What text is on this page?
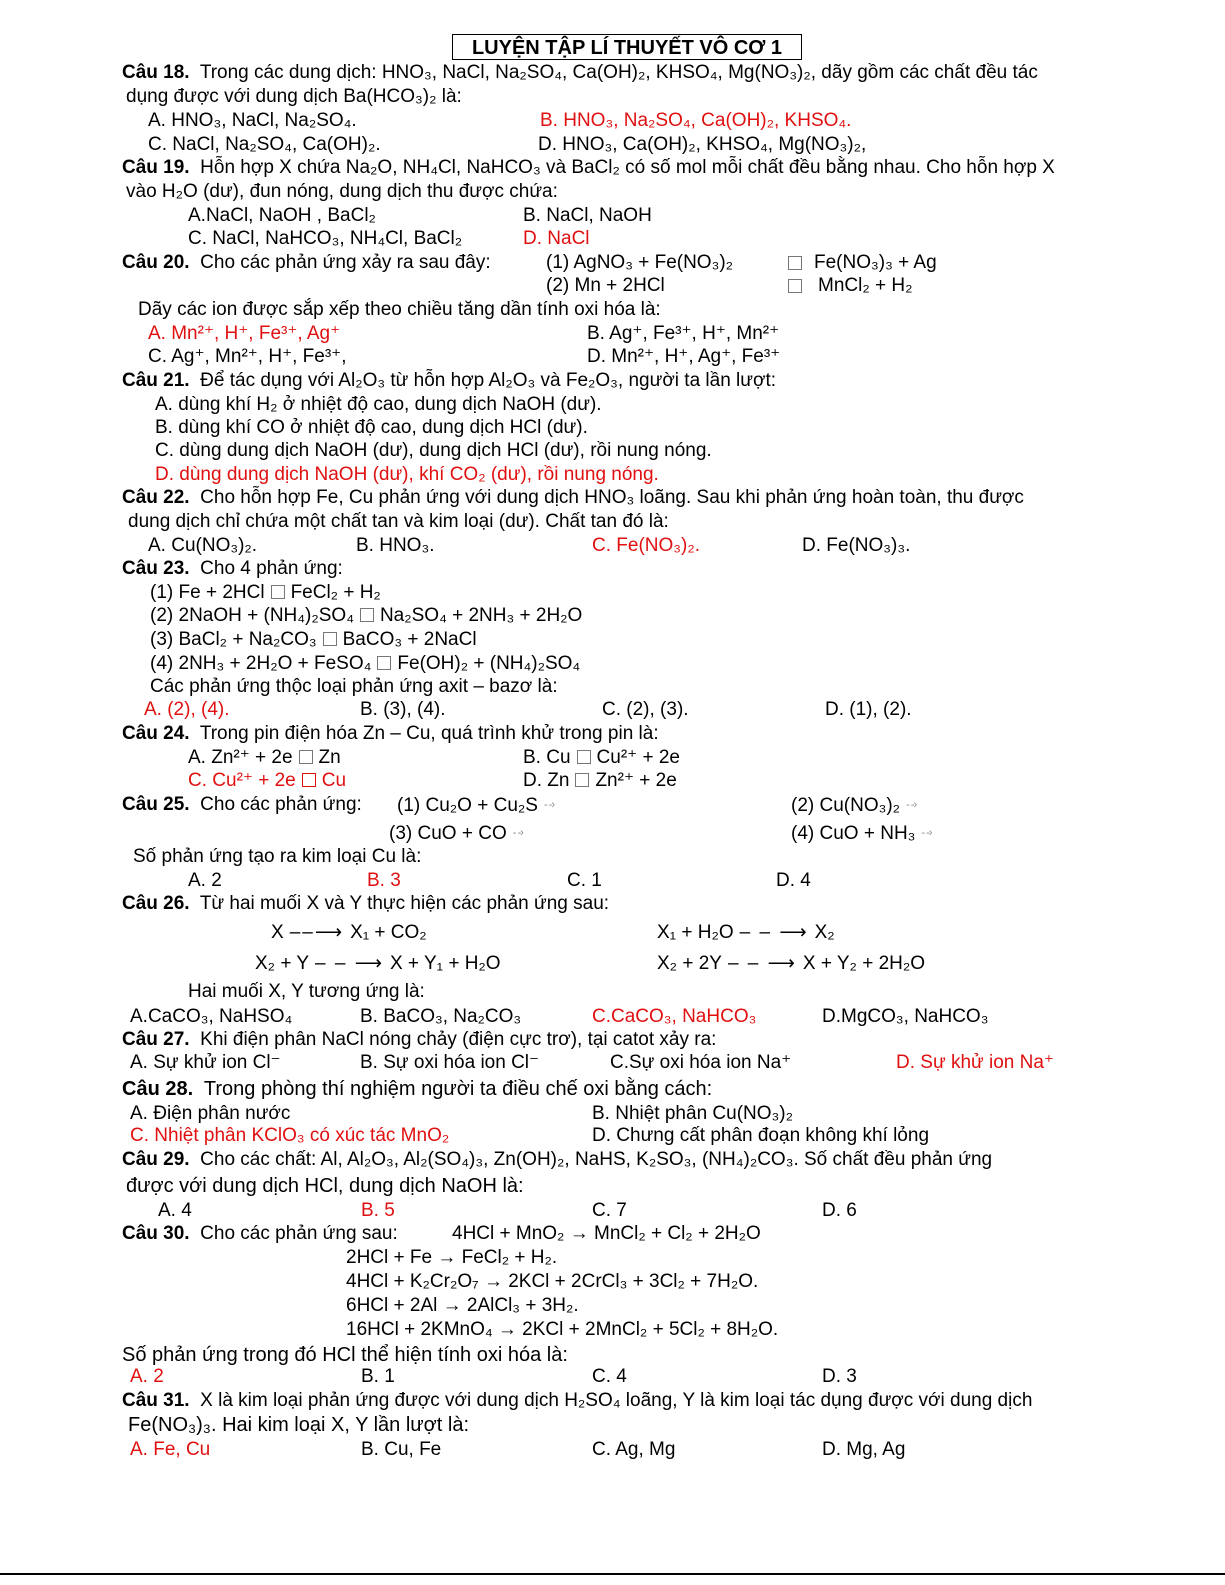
LUYỆN TẬP LÍ THUYẾT VÔ CƠ 1
Câu 18. Trong các dung dịch: HNO₃, NaCl, Na₂SO₄, Ca(OH)₂, KHSO₄, Mg(NO₃)₂, dãy gồm các chất đều tác
dụng được với dung dịch Ba(HCO₃)₂ là:
A. HNO₃, NaCl, Na₂SO₄.	B. HNO₃, Na₂SO₄, Ca(OH)₂, KHSO₄.
C. NaCl, Na₂SO₄, Ca(OH)₂.	D. HNO₃, Ca(OH)₂, KHSO₄, Mg(NO₃)₂,
Câu 19. Hỗn hợp X chứa Na₂O, NH₄Cl, NaHCO₃ và BaCl₂ có số mol mỗi chất đều bằng nhau. Cho hỗn hợp X
vào H₂O (dư), đun nóng, dung dịch thu được chứa:
A.NaCl, NaOH , BaCl₂	B. NaCl, NaOH
C. NaCl, NaHCO₃, NH₄Cl, BaCl₂	D. NaCl
Câu 20. Cho các phản ứng xảy ra sau đây:	(1) AgNO₃ + Fe(NO₃)₂	Fe(NO₃)₃ + Ag
(2) Mn + 2HCl	MnCl₂ + H₂
Dãy các ion được sắp xếp theo chiều tăng dần tính oxi hóa là:
A. Mn²⁺, H⁺, Fe³⁺, Ag⁺	B. Ag⁺, Fe³⁺, H⁺, Mn²⁺
C. Ag⁺, Mn²⁺, H⁺, Fe³⁺,	D. Mn²⁺, H⁺, Ag⁺, Fe³⁺
Câu 21. Để tác dụng với Al₂O₃ từ hỗn hợp Al₂O₃ và Fe₂O₃, người ta lần lượt:
A. dùng khí H₂ ở nhiệt độ cao, dung dịch NaOH (dư).
B. dùng khí CO ở nhiệt độ cao, dung dịch HCl (dư).
C. dùng dung dịch NaOH (dư), dung dịch HCl (dư), rồi nung nóng.
D. dùng dung dịch NaOH (dư), khí CO₂ (dư), rồi nung nóng.
Câu 22. Cho hỗn hợp Fe, Cu phản ứng với dung dịch HNO₃ loãng. Sau khi phản ứng hoàn toàn, thu được
dung dịch chỉ chứa một chất tan và kim loại (dư). Chất tan đó là:
A. Cu(NO₃)₂.	B. HNO₃.	C. Fe(NO₃)₂.	D. Fe(NO₃)₃.
Câu 23. Cho 4 phản ứng:
(1) Fe + 2HCl FeCl₂ + H₂
(2) 2NaOH + (NH₄)₂SO₄ Na₂SO₄ + 2NH₃ + 2H₂O
(3) BaCl₂ + Na₂CO₃ BaCO₃ + 2NaCl
(4) 2NH₃ + 2H₂O + FeSO₄ Fe(OH)₂ + (NH₄)₂SO₄
Các phản ứng thộc loại phản ứng axit – bazơ là:
A. (2), (4).	B. (3), (4).	C. (2), (3).	D. (1), (2).
Câu 24. Trong pin điện hóa Zn – Cu, quá trình khử trong pin là:
A. Zn²⁺ + 2e Zn	B. Cu Cu²⁺ + 2e
C. Cu²⁺ + 2e Cu	D. Zn Zn²⁺ + 2e
Câu 25. Cho các phản ứng: (1) Cu₂O + Cu₂S - -›	(2) Cu(NO₃)₂ - -›
(3) CuO + CO - -›	(4) CuO + NH₃ - -›
Số phản ứng tạo ra kim loại Cu là:
A. 2	B. 3	C. 1	D. 4
Câu 26. Từ hai muối X và Y thực hiện các phản ứng sau:
X ––⟶ X₁ + CO₂	X₁ + H₂O – – ⟶ X₂
X₂ + Y – – ⟶ X + Y₁ + H₂O	X₂ + 2Y – – ⟶ X + Y₂ + 2H₂O
Hai muối X, Y tương ứng là:
A.CaCO₃, NaHSO₄	B. BaCO₃, Na₂CO₃	C.CaCO₃, NaHCO₃	D.MgCO₃, NaHCO₃
Câu 27. Khi điện phân NaCl nóng chảy (điện cực trơ), tại catot xảy ra:
A. Sự khử ion Cl⁻	B. Sự oxi hóa ion Cl⁻	C.Sự oxi hóa ion Na⁺	D. Sự khử ion Na⁺
Câu 28. Trong phòng thí nghiệm người ta điều chế oxi bằng cách:
A. Điện phân nước	B. Nhiệt phân Cu(NO₃)₂
C. Nhiệt phân KClO₃ có xúc tác MnO₂	D. Chưng cất phân đoạn không khí lỏng
Câu 29. Cho các chất: Al, Al₂O₃, Al₂(SO₄)₃, Zn(OH)₂, NaHS, K₂SO₃, (NH₄)₂CO₃. Số chất đều phản ứng
được với dung dịch HCl, dung dịch NaOH là:
A. 4	B. 5	C. 7	D. 6
Câu 30. Cho các phản ứng sau:	4HCl + MnO₂ → MnCl₂ + Cl₂ + 2H₂O
2HCl + Fe → FeCl₂ + H₂.
4HCl + K₂Cr₂O₇ → 2KCl + 2CrCl₃ + 3Cl₂ + 7H₂O.
6HCl + 2Al → 2AlCl₃ + 3H₂.
16HCl + 2KMnO₄ → 2KCl + 2MnCl₂ + 5Cl₂ + 8H₂O.
Số phản ứng trong đó HCl thể hiện tính oxi hóa là:
A. 2	B. 1	C. 4	D. 3
Câu 31. X là kim loại phản ứng được với dung dịch H₂SO₄ loãng, Y là kim loại tác dụng được với dung dịch
Fe(NO₃)₃. Hai kim loại X, Y lần lượt là:
A. Fe, Cu	B. Cu, Fe	C. Ag, Mg	D. Mg, Ag
